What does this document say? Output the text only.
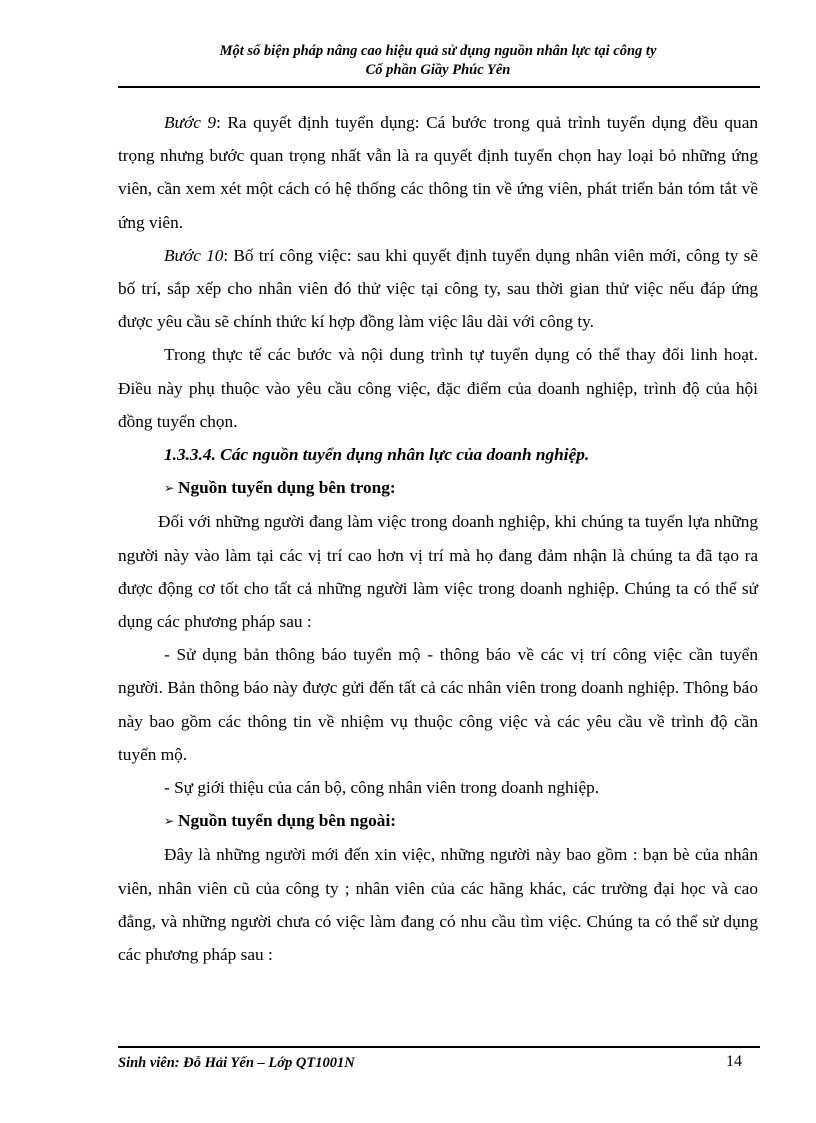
Một số biện pháp nâng cao hiệu quả sử dụng nguồn nhân lực tại công ty
Cổ phần Giầy Phúc Yên

Bước 9: Ra quyết định tuyển dụng: Cá bước trong quả trình tuyển dụng đều quan trọng nhưng bước quan trọng nhất vẫn là ra quyết định tuyển chọn hay loại bỏ những ứng viên, cần xem xét một cách có hệ thống các thông tin về ứng viên, phát triển bản tóm tắt về ứng viên.

Bước 10: Bố trí công việc: sau khi quyết định tuyển dụng nhân viên mới, công ty sẽ bố trí, sắp xếp cho nhân viên đó thử việc tại công ty, sau thời gian thử việc nếu đáp ứng được yêu cầu sẽ chính thức kí hợp đồng làm việc lâu dài với công ty.

Trong thực tế các bước và nội dung trình tự tuyển dụng có thể thay đổi linh hoạt. Điều này phụ thuộc vào yêu cầu công việc, đặc điểm của doanh nghiệp, trình độ của hội đồng tuyển chọn.

1.3.3.4. Các nguồn tuyển dụng nhân lực của doanh nghiệp.

➢ Nguồn tuyển dụng bên trong:

Đối với những người đang làm việc trong doanh nghiệp, khi chúng ta tuyển lựa những người này vào làm tại các vị trí cao hơn vị trí mà họ đang đảm nhận là chúng ta đã tạo ra được động cơ tốt cho tất cả những người làm việc trong doanh nghiệp. Chúng ta có thể sử dụng các phương pháp sau :

- Sử dụng bản thông báo tuyển mộ - thông báo về các vị trí công việc cần tuyển người. Bản thông báo này được gửi đến tất cả các nhân viên trong doanh nghiệp. Thông báo này bao gồm các thông tin về nhiệm vụ thuộc công việc và các yêu cầu về trình độ cần tuyển mộ.

- Sự giới thiệu của cán bộ, công nhân viên trong doanh nghiệp.

➢ Nguồn tuyển dụng bên ngoài:

Đây là những người mới đến xin việc, những người này bao gồm : bạn bè của nhân viên, nhân viên cũ của công ty ; nhân viên của các hãng khác, các trường đại học và cao đẳng, và những người chưa có việc làm đang có nhu cầu tìm việc. Chúng ta có thể sử dụng các phương pháp sau :

Sinh viên: Đỗ Hải Yến – Lớp QT1001N	14
